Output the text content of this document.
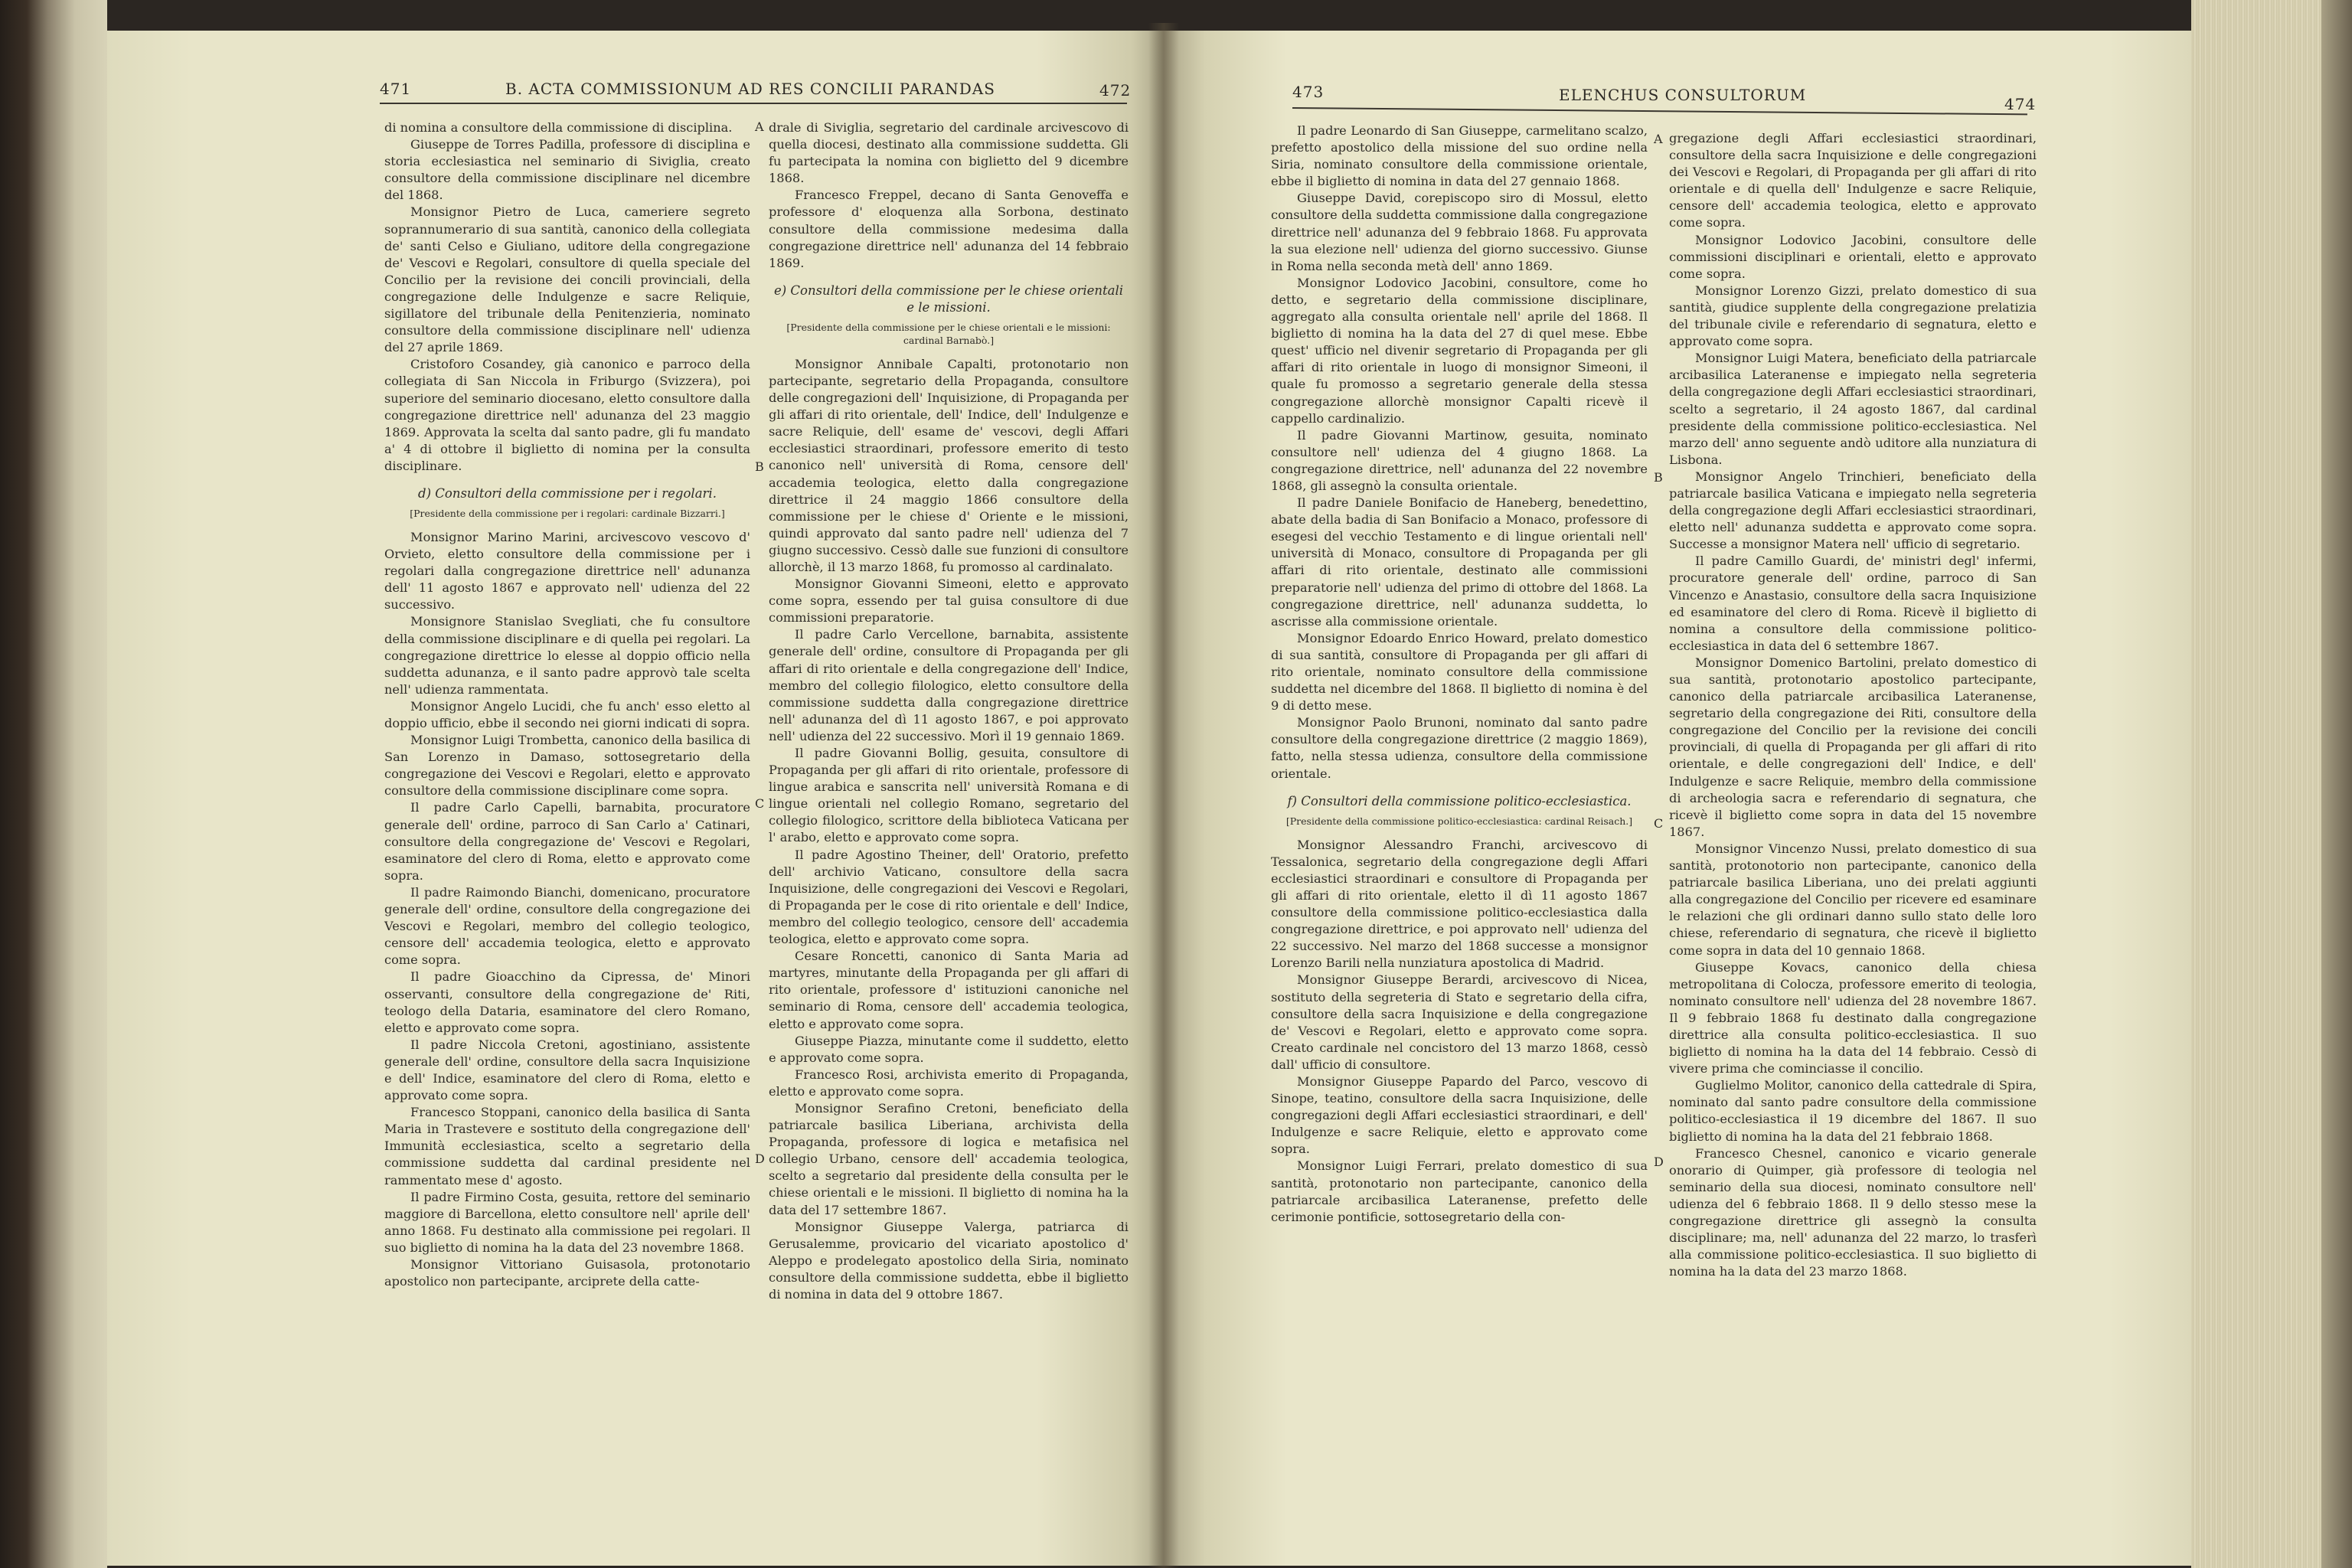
471	B. ACTA COMMISSIONUM AD RES CONCILII PARANDAS	472	473	ELENCHUS CONSULTORUM	474
A
B
C
D
A
B
C
D

di nomina a consultore della commissione di disciplina.

Giuseppe de Torres Padilla, professore di disciplina e storia ecclesiastica nel seminario di Siviglia, creato consultore della commissione disciplinare nel dicembre del 1868.

Monsignor Pietro de Luca, cameriere segreto soprannumerario di sua santità, canonico della collegiata de' santi Celso e Giuliano, uditore della congregazione de' Vescovi e Regolari, consultore di quella speciale del Concilio per la revisione dei concili provinciali, della congregazione delle Indulgenze e sacre Reliquie, sigillatore del tribunale della Penitenzieria, nominato consultore della commissione disciplinare nell' udienza del 27 aprile 1869.

Cristoforo Cosandey, già canonico e parroco della collegiata di San Niccola in Friburgo (Svizzera), poi superiore del seminario diocesano, eletto consultore dalla congregazione direttrice nell' adunanza del 23 maggio 1869. Approvata la scelta dal santo padre, gli fu mandato a' 4 di ottobre il biglietto di nomina per la consulta disciplinare.

d) Consultori della commissione per i regolari.
[Presidente della commissione per i regolari: cardinale Bizzarri.]

Monsignor Marino Marini, arcivescovo vescovo d' Orvieto, eletto consultore della commissione per i regolari dalla congregazione direttrice nell' adunanza dell' 11 agosto 1867 e approvato nell' udienza del 22 successivo.

Monsignore Stanislao Svegliati, che fu consultore della commissione disciplinare e di quella pei regolari. La congregazione direttrice lo elesse al doppio officio nella suddetta adunanza, e il santo padre approvò tale scelta nell' udienza rammentata.

Monsignor Angelo Lucidi, che fu anch' esso eletto al doppio ufficio, ebbe il secondo nei giorni indicati di sopra.

Monsignor Luigi Trombetta, canonico della basilica di San Lorenzo in Damaso, sottosegretario della congregazione dei Vescovi e Regolari, eletto e approvato consultore della commissione disciplinare come sopra.

Il padre Carlo Capelli, barnabita, procuratore generale dell' ordine, parroco di San Carlo a' Catinari, consultore della congregazione de' Vescovi e Regolari, esaminatore del clero di Roma, eletto e approvato come sopra.

Il padre Raimondo Bianchi, domenicano, procuratore generale dell' ordine, consultore della congregazione dei Vescovi e Regolari, membro del collegio teologico, censore dell' accademia teologica, eletto e approvato come sopra.

Il padre Gioacchino da Cipressa, de' Minori osservanti, consultore della congregazione de' Riti, teologo della Dataria, esaminatore del clero Romano, eletto e approvato come sopra.

Il padre Niccola Cretoni, agostiniano, assistente generale dell' ordine, consultore della sacra Inquisizione e dell' Indice, esaminatore del clero di Roma, eletto e approvato come sopra.

Francesco Stoppani, canonico della basilica di Santa Maria in Trastevere e sostituto della congregazione dell' Immunità ecclesiastica, scelto a segretario della commissione suddetta dal cardinal presidente nel rammentato mese d' agosto.

Il padre Firmino Costa, gesuita, rettore del seminario maggiore di Barcellona, eletto consultore nell' aprile dell' anno 1868. Fu destinato alla commissione pei regolari. Il suo biglietto di nomina ha la data del 23 novembre 1868.

Monsignor Vittoriano Guisasola, protonotario apostolico non partecipante, arciprete della catte-

drale di Siviglia, segretario del cardinale arcivescovo di quella diocesi, destinato alla commissione suddetta. Gli fu partecipata la nomina con biglietto del 9 dicembre 1868.

Francesco Freppel, decano di Santa Genoveffa e professore d' eloquenza alla Sorbona, destinato consultore della commissione medesima dalla congregazione direttrice nell' adunanza del 14 febbraio 1869.

e) Consultori della commissione per le chiese orientali e le missioni.
[Presidente della commissione per le chiese orientali e le missioni: cardinal Barnabò.]

Monsignor Annibale Capalti, protonotario non partecipante, segretario della Propaganda, consultore delle congregazioni dell' Inquisizione, di Propaganda per gli affari di rito orientale, dell' Indice, dell' Indulgenze e sacre Reliquie, dell' esame de' vescovi, degli Affari ecclesiastici straordinari, professore emerito di testo canonico nell' università di Roma, censore dell' accademia teologica, eletto dalla congregazione direttrice il 24 maggio 1866 consultore della commissione per le chiese d' Oriente e le missioni, quindi approvato dal santo padre nell' udienza del 7 giugno successivo. Cessò dalle sue funzioni di consultore allorchè, il 13 marzo 1868, fu promosso al cardinalato.

Monsignor Giovanni Simeoni, eletto e approvato come sopra, essendo per tal guisa consultore di due commissioni preparatorie.

Il padre Carlo Vercellone, barnabita, assistente generale dell' ordine, consultore di Propaganda per gli affari di rito orientale e della congregazione dell' Indice, membro del collegio filologico, eletto consultore della commissione suddetta dalla congregazione direttrice nell' adunanza del dì 11 agosto 1867, e poi approvato nell' udienza del 22 successivo. Morì il 19 gennaio 1869.

Il padre Giovanni Bollig, gesuita, consultore di Propaganda per gli affari di rito orientale, professore di lingue arabica e sanscrita nell' università Romana e di lingue orientali nel collegio Romano, segretario del collegio filologico, scrittore della biblioteca Vaticana per l' arabo, eletto e approvato come sopra.

Il padre Agostino Theiner, dell' Oratorio, prefetto dell' archivio Vaticano, consultore della sacra Inquisizione, delle congregazioni dei Vescovi e Regolari, di Propaganda per le cose di rito orientale e dell' Indice, membro del collegio teologico, censore dell' accademia teologica, eletto e approvato come sopra.

Cesare Roncetti, canonico di Santa Maria ad martyres, minutante della Propaganda per gli affari di rito orientale, professore d' istituzioni canoniche nel seminario di Roma, censore dell' accademia teologica, eletto e approvato come sopra.

Giuseppe Piazza, minutante come il suddetto, eletto e approvato come sopra.

Francesco Rosi, archivista emerito di Propaganda, eletto e approvato come sopra.

Monsignor Serafino Cretoni, beneficiato della patriarcale basilica Liberiana, archivista della Propaganda, professore di logica e metafisica nel collegio Urbano, censore dell' accademia teologica, scelto a segretario dal presidente della consulta per le chiese orientali e le missioni. Il biglietto di nomina ha la data del 17 settembre 1867.

Monsignor Giuseppe Valerga, patriarca di Gerusalemme, provicario del vicariato apostolico d' Aleppo e prodelegato apostolico della Siria, nominato consultore della commissione suddetta, ebbe il biglietto di nomina in data del 9 ottobre 1867.

Il padre Leonardo di San Giuseppe, carmelitano scalzo, prefetto apostolico della missione del suo ordine nella Siria, nominato consultore della commissione orientale, ebbe il biglietto di nomina in data del 27 gennaio 1868.

Giuseppe David, corepiscopo siro di Mossul, eletto consultore della suddetta commissione dalla congregazione direttrice nell' adunanza del 9 febbraio 1868. Fu approvata la sua elezione nell' udienza del giorno successivo. Giunse in Roma nella seconda metà dell' anno 1869.

Monsignor Lodovico Jacobini, consultore, come ho detto, e segretario della commissione disciplinare, aggregato alla consulta orientale nell' aprile del 1868. Il biglietto di nomina ha la data del 27 di quel mese. Ebbe quest' ufficio nel divenir segretario di Propaganda per gli affari di rito orientale in luogo di monsignor Simeoni, il quale fu promosso a segretario generale della stessa congregazione allorchè monsignor Capalti ricevè il cappello cardinalizio.

Il padre Giovanni Martinow, gesuita, nominato consultore nell' udienza del 4 giugno 1868. La congregazione direttrice, nell' adunanza del 22 novembre 1868, gli assegnò la consulta orientale.

Il padre Daniele Bonifacio de Haneberg, benedettino, abate della badia di San Bonifacio a Monaco, professore di esegesi del vecchio Testamento e di lingue orientali nell' università di Monaco, consultore di Propaganda per gli affari di rito orientale, destinato alle commissioni preparatorie nell' udienza del primo di ottobre del 1868. La congregazione direttrice, nell' adunanza suddetta, lo ascrisse alla commissione orientale.

Monsignor Edoardo Enrico Howard, prelato domestico di sua santità, consultore di Propaganda per gli affari di rito orientale, nominato consultore della commissione suddetta nel dicembre del 1868. Il biglietto di nomina è del 9 di detto mese.

Monsignor Paolo Brunoni, nominato dal santo padre consultore della congregazione direttrice (2 maggio 1869), fatto, nella stessa udienza, consultore della commissione orientale.

f) Consultori della commissione politico-ecclesiastica.
[Presidente della commissione politico-ecclesiastica: cardinal Reisach.]

Monsignor Alessandro Franchi, arcivescovo di Tessalonica, segretario della congregazione degli Affari ecclesiastici straordinari e consultore di Propaganda per gli affari di rito orientale, eletto il dì 11 agosto 1867 consultore della commissione politico-ecclesiastica dalla congregazione direttrice, e poi approvato nell' udienza del 22 successivo. Nel marzo del 1868 successe a monsignor Lorenzo Barili nella nunziatura apostolica di Madrid.

Monsignor Giuseppe Berardi, arcivescovo di Nicea, sostituto della segreteria di Stato e segretario della cifra, consultore della sacra Inquisizione e della congregazione de' Vescovi e Regolari, eletto e approvato come sopra. Creato cardinale nel concistoro del 13 marzo 1868, cessò dall' ufficio di consultore.

Monsignor Giuseppe Papardo del Parco, vescovo di Sinope, teatino, consultore della sacra Inquisizione, delle congregazioni degli Affari ecclesiastici straordinari, e dell' Indulgenze e sacre Reliquie, eletto e approvato come sopra.

Monsignor Luigi Ferrari, prelato domestico di sua santità, protonotario non partecipante, canonico della patriarcale arcibasilica Lateranense, prefetto delle cerimonie pontificie, sottosegretario della con-

gregazione degli Affari ecclesiastici straordinari, consultore della sacra Inquisizione e delle congregazioni dei Vescovi e Regolari, di Propaganda per gli affari di rito orientale e di quella dell' Indulgenze e sacre Reliquie, censore dell' accademia teologica, eletto e approvato come sopra.

Monsignor Lodovico Jacobini, consultore delle commissioni disciplinari e orientali, eletto e approvato come sopra.

Monsignor Lorenzo Gizzi, prelato domestico di sua santità, giudice supplente della congregazione prelatizia del tribunale civile e referendario di segnatura, eletto e approvato come sopra.

Monsignor Luigi Matera, beneficiato della patriarcale arcibasilica Lateranense e impiegato nella segreteria della congregazione degli Affari ecclesiastici straordinari, scelto a segretario, il 24 agosto 1867, dal cardinal presidente della commissione politico-ecclesiastica. Nel marzo dell' anno seguente andò uditore alla nunziatura di Lisbona.

Monsignor Angelo Trinchieri, beneficiato della patriarcale basilica Vaticana e impiegato nella segreteria della congregazione degli Affari ecclesiastici straordinari, eletto nell' adunanza suddetta e approvato come sopra. Successe a monsignor Matera nell' ufficio di segretario.

Il padre Camillo Guardi, de' ministri degl' infermi, procuratore generale dell' ordine, parroco di San Vincenzo e Anastasio, consultore della sacra Inquisizione ed esaminatore del clero di Roma. Ricevè il biglietto di nomina a consultore della commissione politico-ecclesiastica in data del 6 settembre 1867.

Monsignor Domenico Bartolini, prelato domestico di sua santità, protonotario apostolico partecipante, canonico della patriarcale arcibasilica Lateranense, segretario della congregazione dei Riti, consultore della congregazione del Concilio per la revisione dei concili provinciali, di quella di Propaganda per gli affari di rito orientale, e delle congregazioni dell' Indice, e dell' Indulgenze e sacre Reliquie, membro della commissione di archeologia sacra e referendario di segnatura, che ricevè il biglietto come sopra in data del 15 novembre 1867.

Monsignor Vincenzo Nussi, prelato domestico di sua santità, protonotorio non partecipante, canonico della patriarcale basilica Liberiana, uno dei prelati aggiunti alla congregazione del Concilio per ricevere ed esaminare le relazioni che gli ordinari danno sullo stato delle loro chiese, referendario di segnatura, che ricevè il biglietto come sopra in data del 10 gennaio 1868.

Giuseppe Kovacs, canonico della chiesa metropolitana di Colocza, professore emerito di teologia, nominato consultore nell' udienza del 28 novembre 1867. Il 9 febbraio 1868 fu destinato dalla congregazione direttrice alla consulta politico-ecclesiastica. Il suo biglietto di nomina ha la data del 14 febbraio. Cessò di vivere prima che cominciasse il concilio.

Guglielmo Molitor, canonico della cattedrale di Spira, nominato dal santo padre consultore della commissione politico-ecclesiastica il 19 dicembre del 1867. Il suo biglietto di nomina ha la data del 21 febbraio 1868.

Francesco Chesnel, canonico e vicario generale onorario di Quimper, già professore di teologia nel seminario della sua diocesi, nominato consultore nell' udienza del 6 febbraio 1868. Il 9 dello stesso mese la congregazione direttrice gli assegnò la consulta disciplinare; ma, nell' adunanza del 22 marzo, lo trasferì alla commissione politico-ecclesiastica. Il suo biglietto di nomina ha la data del 23 marzo 1868.
